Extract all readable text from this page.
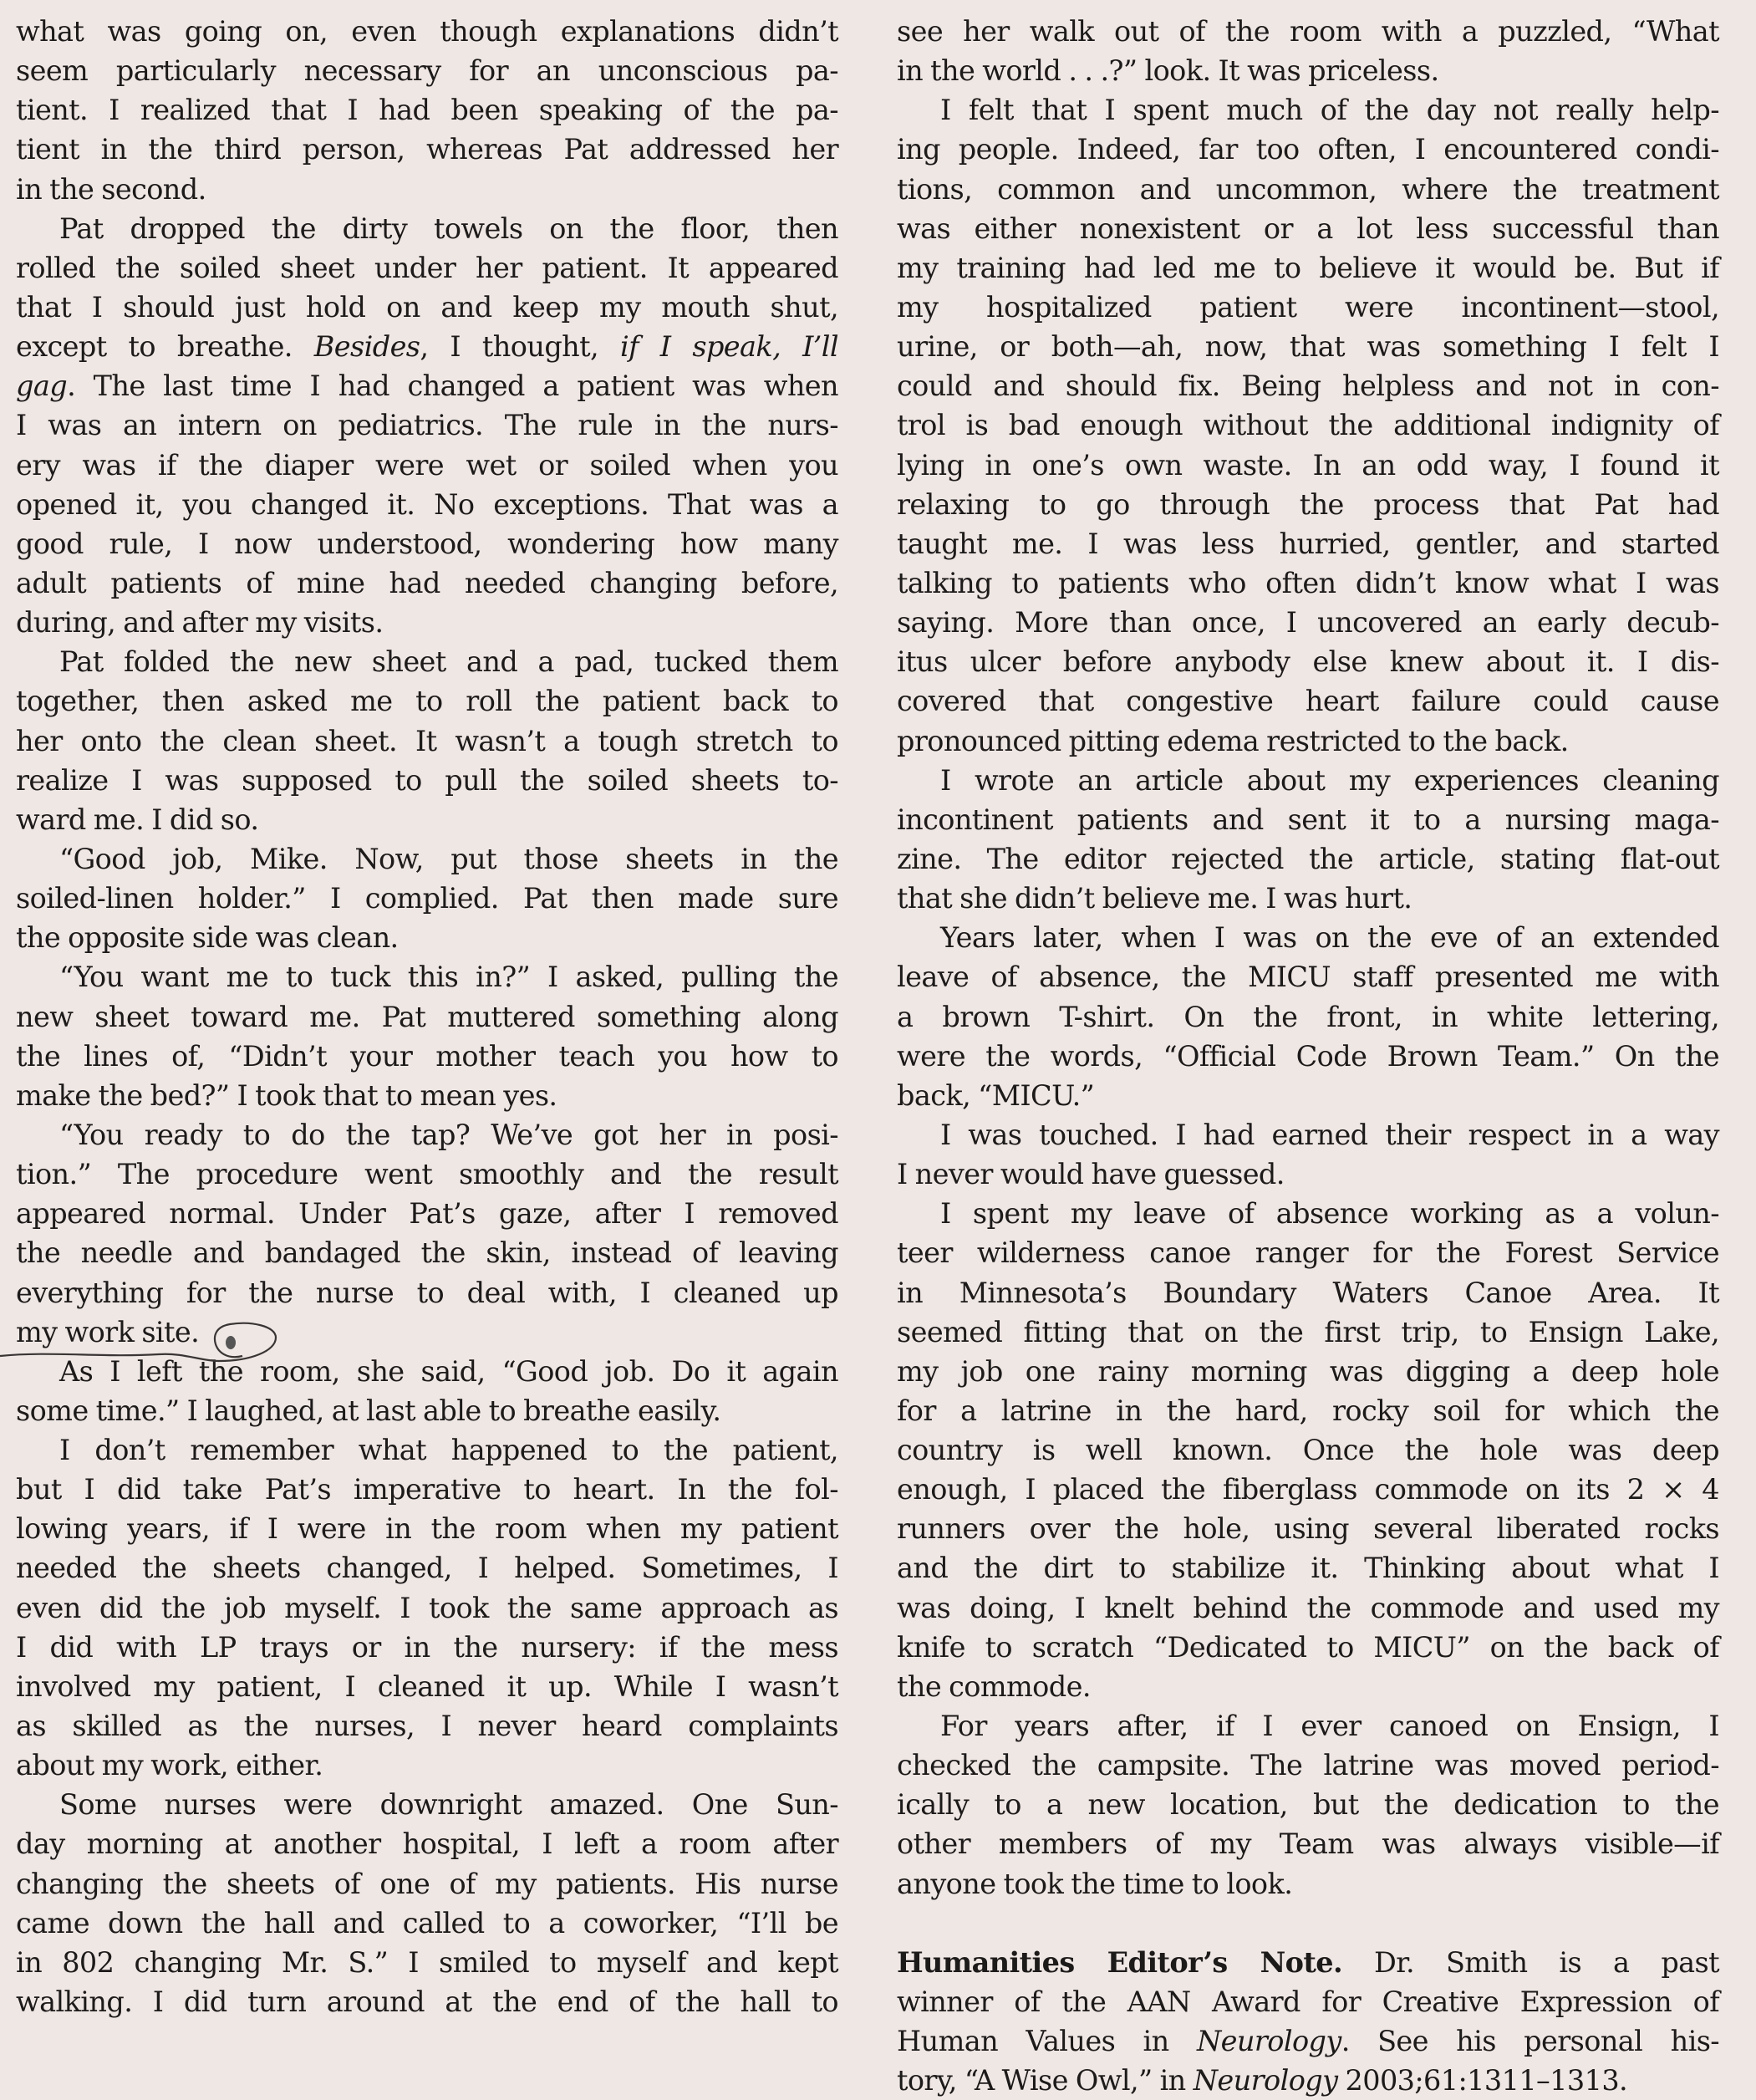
what was going on, even though explanations didn’t
seem particularly necessary for an unconscious pa-
tient. I realized that I had been speaking of the pa-
tient in the third person, whereas Pat addressed her
in the second.
Pat dropped the dirty towels on the floor, then
rolled the soiled sheet under her patient. It appeared
that I should just hold on and keep my mouth shut,
except to breathe. Besides, I thought, if I speak, I’ll
gag. The last time I had changed a patient was when
I was an intern on pediatrics. The rule in the nurs-
ery was if the diaper were wet or soiled when you
opened it, you changed it. No exceptions. That was a
good rule, I now understood, wondering how many
adult patients of mine had needed changing before,
during, and after my visits.
Pat folded the new sheet and a pad, tucked them
together, then asked me to roll the patient back to
her onto the clean sheet. It wasn’t a tough stretch to
realize I was supposed to pull the soiled sheets to-
ward me. I did so.
“Good job, Mike. Now, put those sheets in the
soiled-linen holder.” I complied. Pat then made sure
the opposite side was clean.
“You want me to tuck this in?” I asked, pulling the
new sheet toward me. Pat muttered something along
the lines of, “Didn’t your mother teach you how to
make the bed?” I took that to mean yes.
“You ready to do the tap? We’ve got her in posi-
tion.” The procedure went smoothly and the result
appeared normal. Under Pat’s gaze, after I removed
the needle and bandaged the skin, instead of leaving
everything for the nurse to deal with, I cleaned up
my work site.
As I left the room, she said, “Good job. Do it again
some time.” I laughed, at last able to breathe easily.
I don’t remember what happened to the patient,
but I did take Pat’s imperative to heart. In the fol-
lowing years, if I were in the room when my patient
needed the sheets changed, I helped. Sometimes, I
even did the job myself. I took the same approach as
I did with LP trays or in the nursery: if the mess
involved my patient, I cleaned it up. While I wasn’t
as skilled as the nurses, I never heard complaints
about my work, either.
Some nurses were downright amazed. One Sun-
day morning at another hospital, I left a room after
changing the sheets of one of my patients. His nurse
came down the hall and called to a coworker, “I’ll be
in 802 changing Mr. S.” I smiled to myself and kept
walking. I did turn around at the end of the hall to
see her walk out of the room with a puzzled, “What
in the world . . .?” look. It was priceless.
I felt that I spent much of the day not really help-
ing people. Indeed, far too often, I encountered condi-
tions, common and uncommon, where the treatment
was either nonexistent or a lot less successful than
my training had led me to believe it would be. But if
my hospitalized patient were incontinent—stool,
urine, or both—ah, now, that was something I felt I
could and should fix. Being helpless and not in con-
trol is bad enough without the additional indignity of
lying in one’s own waste. In an odd way, I found it
relaxing to go through the process that Pat had
taught me. I was less hurried, gentler, and started
talking to patients who often didn’t know what I was
saying. More than once, I uncovered an early decub-
itus ulcer before anybody else knew about it. I dis-
covered that congestive heart failure could cause
pronounced pitting edema restricted to the back.
I wrote an article about my experiences cleaning
incontinent patients and sent it to a nursing maga-
zine. The editor rejected the article, stating flat-out
that she didn’t believe me. I was hurt.
Years later, when I was on the eve of an extended
leave of absence, the MICU staff presented me with
a brown T-shirt. On the front, in white lettering,
were the words, “Official Code Brown Team.” On the
back, “MICU.”
I was touched. I had earned their respect in a way
I never would have guessed.
I spent my leave of absence working as a volun-
teer wilderness canoe ranger for the Forest Service
in Minnesota’s Boundary Waters Canoe Area. It
seemed fitting that on the first trip, to Ensign Lake,
my job one rainy morning was digging a deep hole
for a latrine in the hard, rocky soil for which the
country is well known. Once the hole was deep
enough, I placed the fiberglass commode on its 2 × 4
runners over the hole, using several liberated rocks
and the dirt to stabilize it. Thinking about what I
was doing, I knelt behind the commode and used my
knife to scratch “Dedicated to MICU” on the back of
the commode.
For years after, if I ever canoed on Ensign, I
checked the campsite. The latrine was moved period-
ically to a new location, but the dedication to the
other members of my Team was always visible—if
anyone took the time to look.
Humanities Editor’s Note. Dr. Smith is a past
winner of the AAN Award for Creative Expression of
Human Values in Neurology. See his personal his-
tory, “A Wise Owl,” in Neurology 2003;61:1311–1313.
